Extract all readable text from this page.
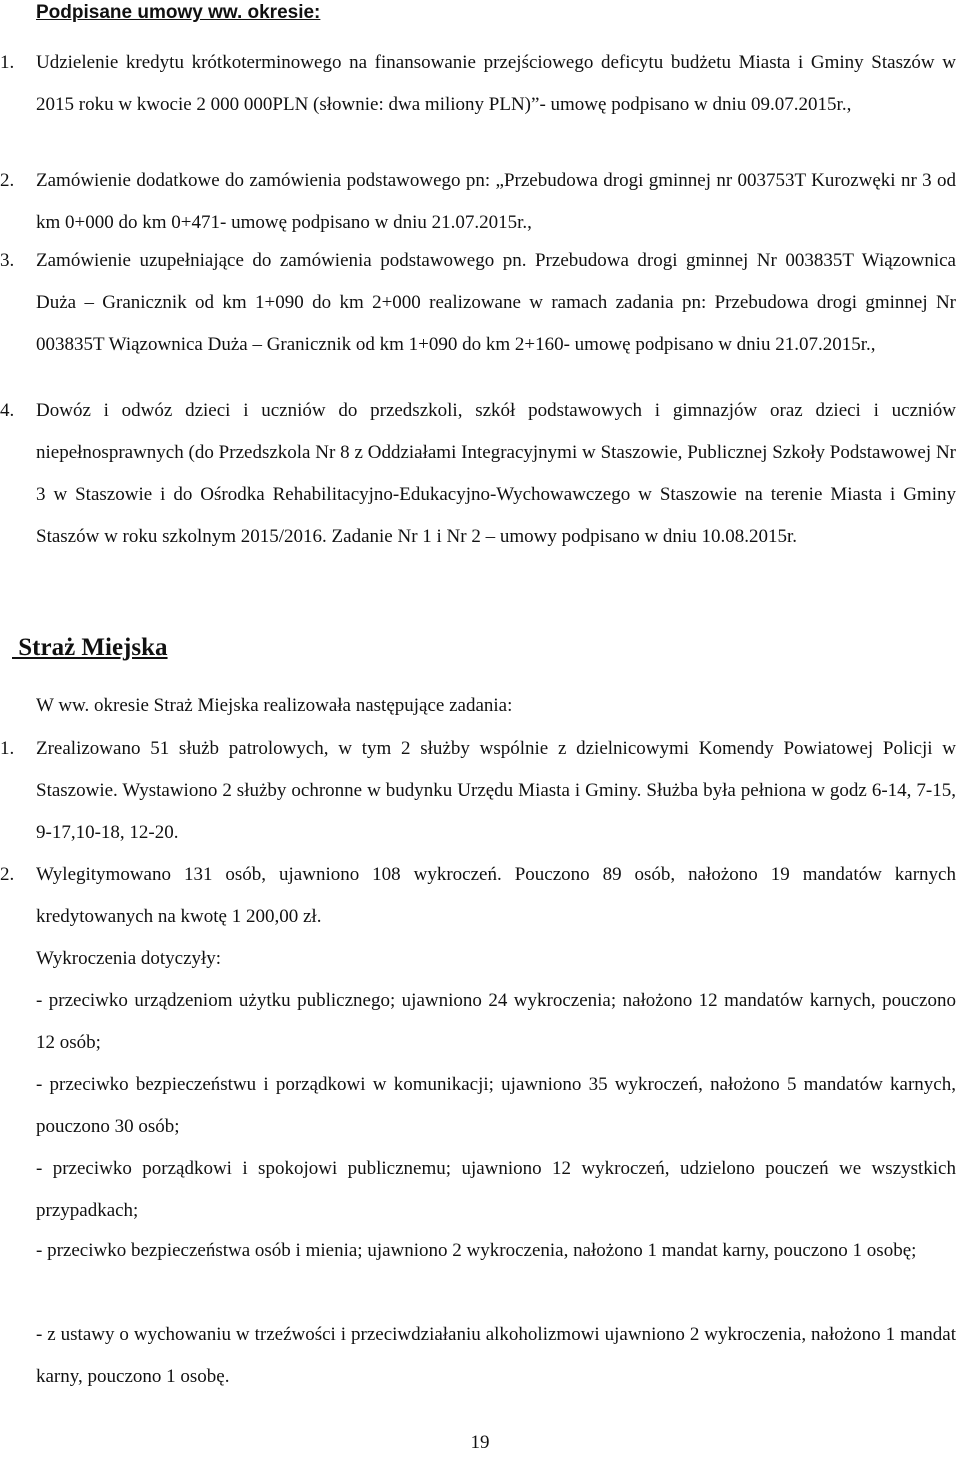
Podpisane umowy ww. okresie:
1.	Udzielenie kredytu krótkoterminowego na finansowanie przejściowego deficytu budżetu Miasta i Gminy Staszów w 2015 roku w kwocie 2 000 000PLN (słownie: dwa miliony PLN)”- umowę podpisano w dniu 09.07.2015r.,
2.	Zamówienie dodatkowe do zamówienia podstawowego pn: „Przebudowa drogi gminnej nr 003753T Kurozwęki nr 3 od km 0+000 do km 0+471- umowę podpisano w dniu 21.07.2015r.,
3.	Zamówienie uzupełniające do zamówienia podstawowego pn. Przebudowa drogi gminnej Nr 003835T Wiązownica Duża – Granicznik od km 1+090 do km 2+000 realizowane w ramach zadania pn: Przebudowa drogi gminnej Nr 003835T Wiązownica Duża – Granicznik od km 1+090 do km 2+160- umowę podpisano w dniu 21.07.2015r.,
4.	Dowóz i odwóz dzieci i uczniów do przedszkoli, szkół podstawowych i gimnazjów oraz dzieci i uczniów niepełnosprawnych (do Przedszkola Nr 8 z Oddziałami Integracyjnymi w Staszowie, Publicznej Szkoły Podstawowej Nr 3 w Staszowie i do Ośrodka Rehabilitacyjno-Edukacyjno-Wychowawczego w Staszowie na terenie Miasta i Gminy Staszów w roku szkolnym 2015/2016. Zadanie Nr 1 i Nr 2 – umowy podpisano w dniu 10.08.2015r.
Straż Miejska
W ww. okresie Straż Miejska realizowała następujące zadania:
1.	Zrealizowano 51 służb patrolowych, w tym 2 służby wspólnie z dzielnicowymi Komendy Powiatowej Policji w Staszowie. Wystawiono 2 służby ochronne w budynku Urzędu Miasta i Gminy. Służba była pełniona w godz 6-14, 7-15, 9-17,10-18, 12-20.
2.	Wylegitymowano 131 osób, ujawniono 108 wykroczeń. Pouczono 89 osób, nałożono 19 mandatów karnych kredytowanych na kwotę 1 200,00 zł.
Wykroczenia dotyczyły:
- przeciwko urządzeniom użytku publicznego; ujawniono 24 wykroczenia; nałożono 12 mandatów karnych, pouczono 12 osób;
- przeciwko bezpieczeństwu i porządkowi w komunikacji; ujawniono 35 wykroczeń, nałożono 5 mandatów karnych, pouczono 30 osób;
- przeciwko porządkowi i spokojowi publicznemu; ujawniono 12 wykroczeń, udzielono pouczeń we wszystkich przypadkach;
- przeciwko bezpieczeństwa osób i mienia; ujawniono 2 wykroczenia, nałożono 1 mandat karny, pouczono 1 osobę;
- z ustawy o wychowaniu w trzeźwości i przeciwdziałaniu alkoholizmowi ujawniono 2 wykroczenia, nałożono 1 mandat karny, pouczono 1 osobę.
19
